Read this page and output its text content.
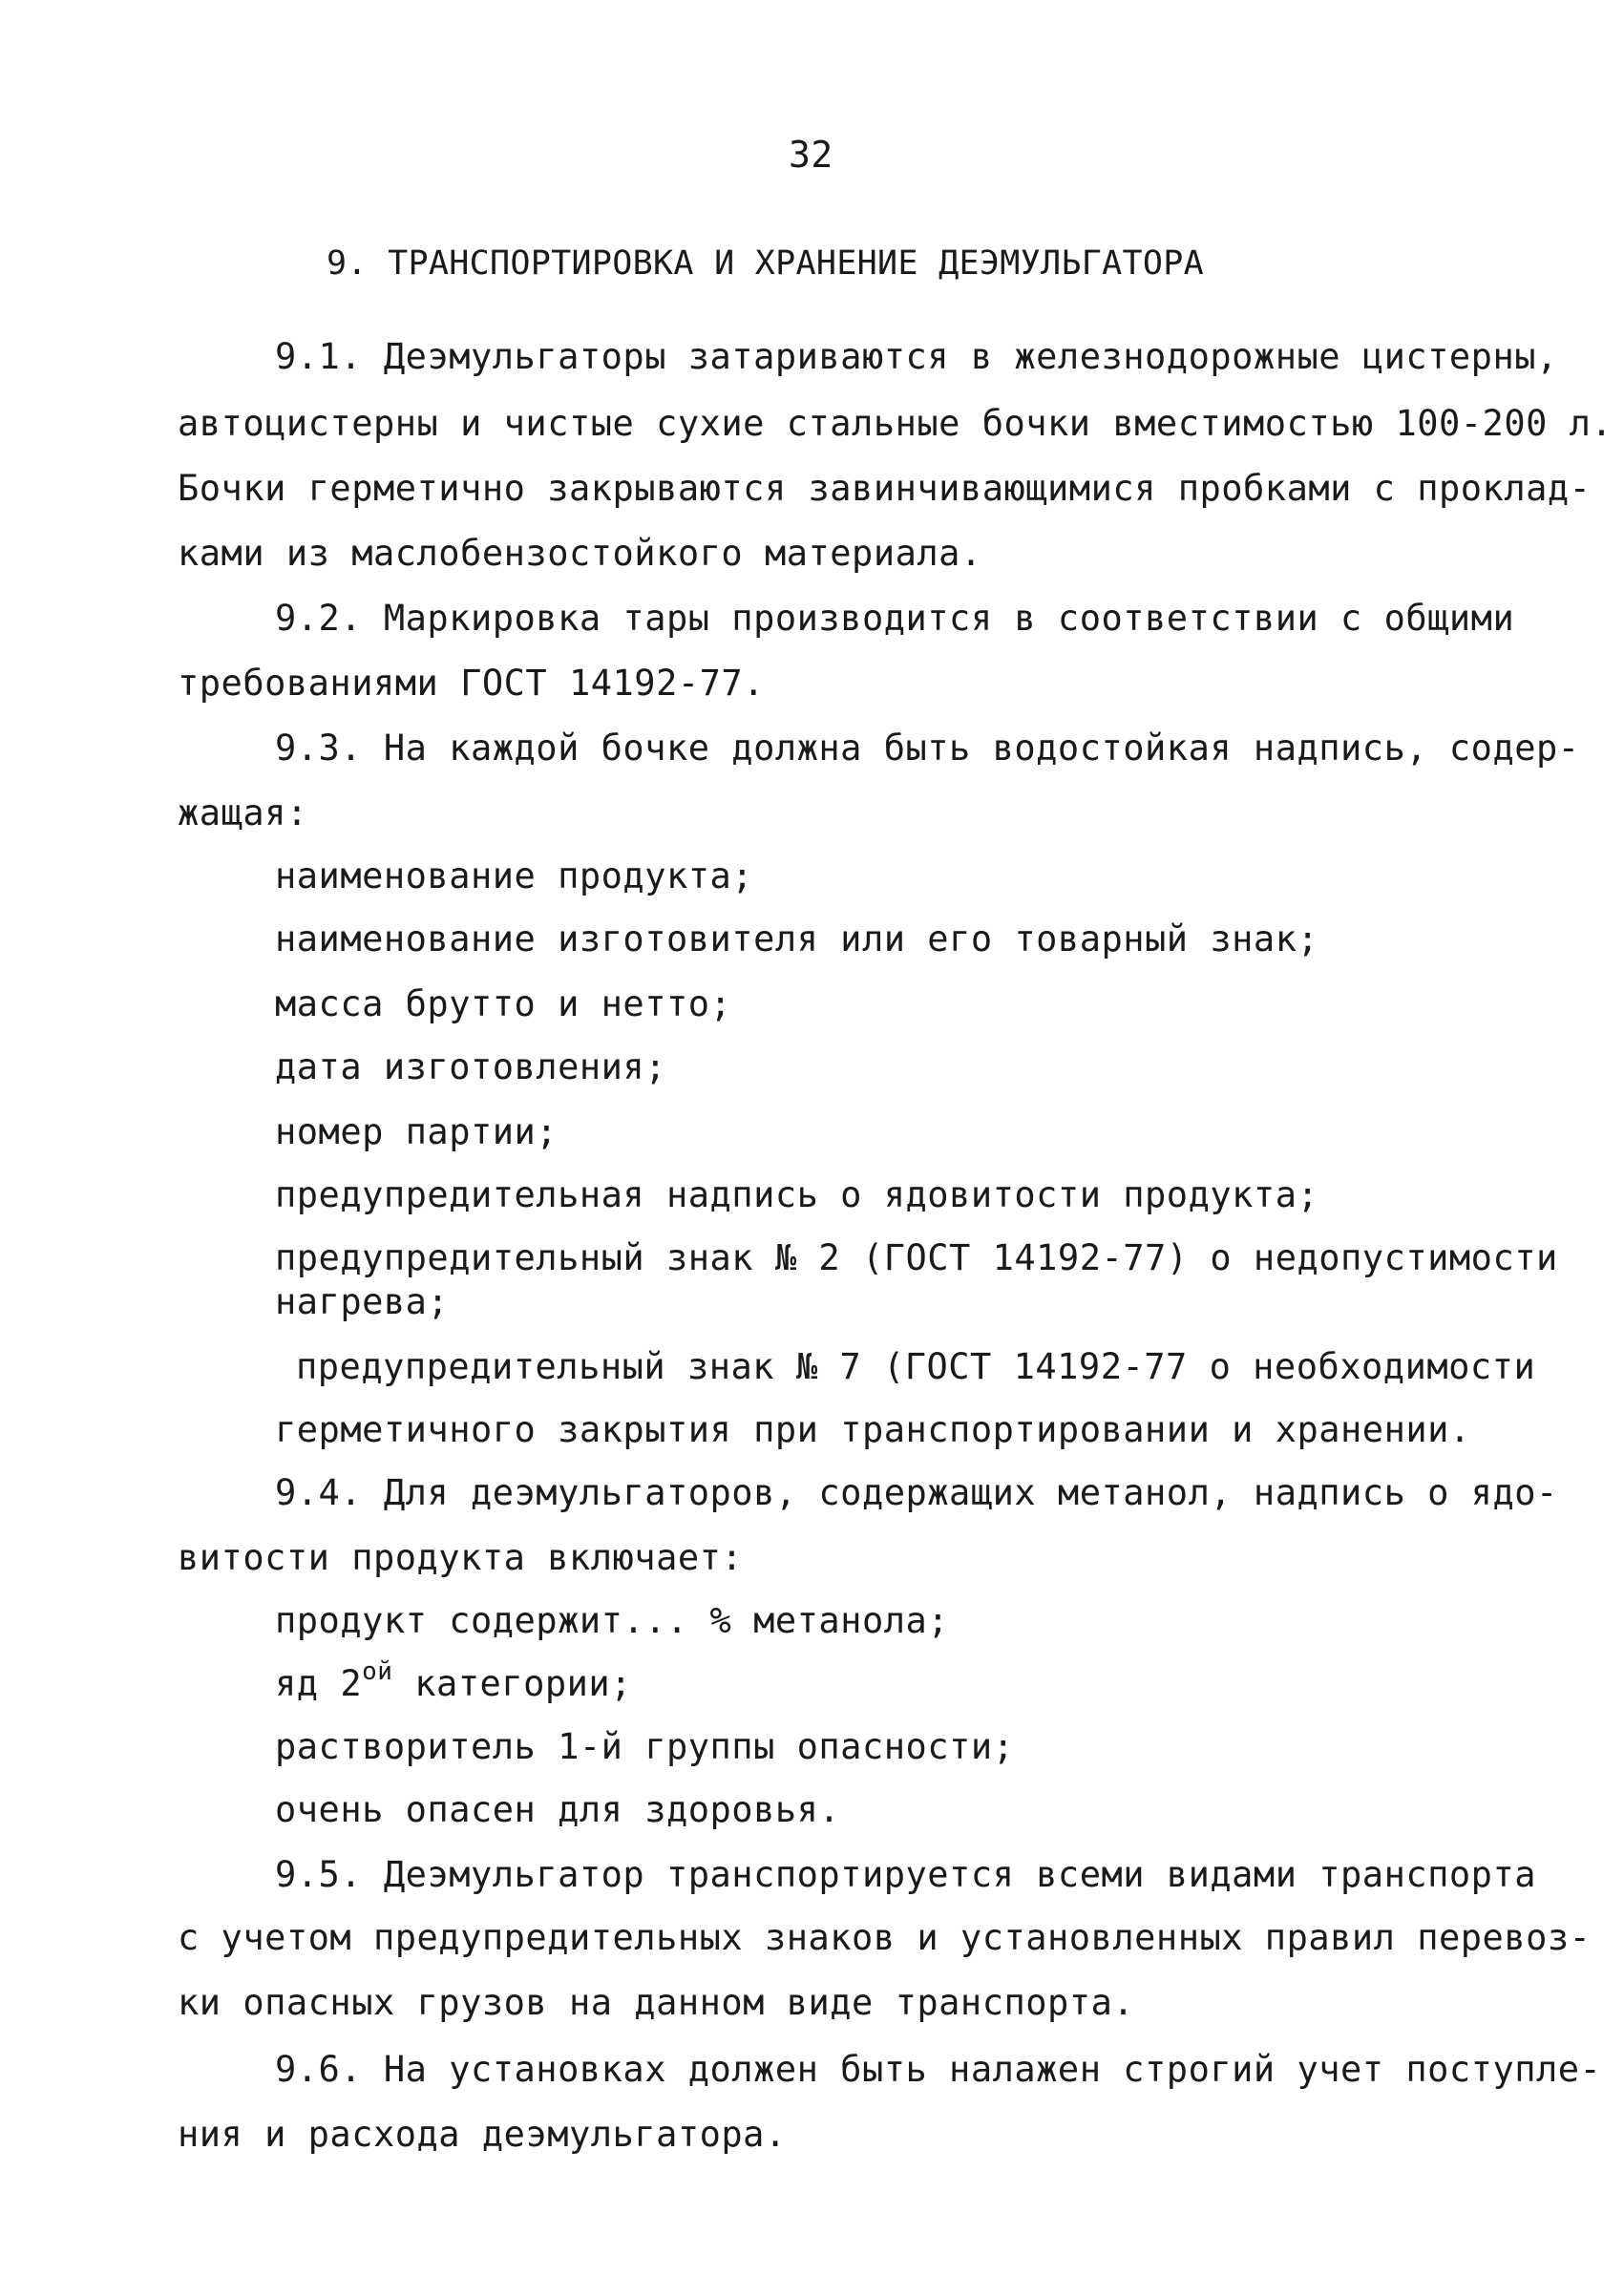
32
9. ТРАНСПОРТИРОВКА И ХРАНЕНИЕ ДЕЭМУЛЬГАТОРА
9.1. Деэмульгаторы затариваются в железнодорожные цистерны,
автоцистерны и чистые сухие стальные бочки вместимостью 100-200 л.
Бочки герметично закрываются завинчивающимися пробками с проклад-
ками из маслобензостойкого материала.
9.2. Маркировка тары производится в соответствии с общими
требованиями ГОСТ 14192-77.
9.3. На каждой бочке должна быть водостойкая надпись, содер-
жащая:
наименование продукта;
наименование изготовителя или его товарный знак;
масса брутто и нетто;
дата изготовления;
номер партии;
предупредительная надпись о ядовитости продукта;
предупредительный знак № 2 (ГОСТ 14192-77) о недопустимости
нагрева;
предупредительный знак № 7 (ГОСТ 14192-77 о необходимости
герметичного закрытия при транспортировании и хранении.
9.4. Для деэмульгаторов, содержащих метанол, надпись о ядо-
витости продукта включает:
продукт содержит... % метанола;
яд $2^{ой}$ категории;
растворитель 1-й группы опасности;
очень опасен для здоровья.
9.5. Деэмульгатор транспортируется всеми видами транспорта
с учетом предупредительных знаков и установленных правил перевоз-
ки опасных грузов на данном виде транспорта.
9.6. На установках должен быть налажен строгий учет поступле-
ния и расхода деэмульгатора.
